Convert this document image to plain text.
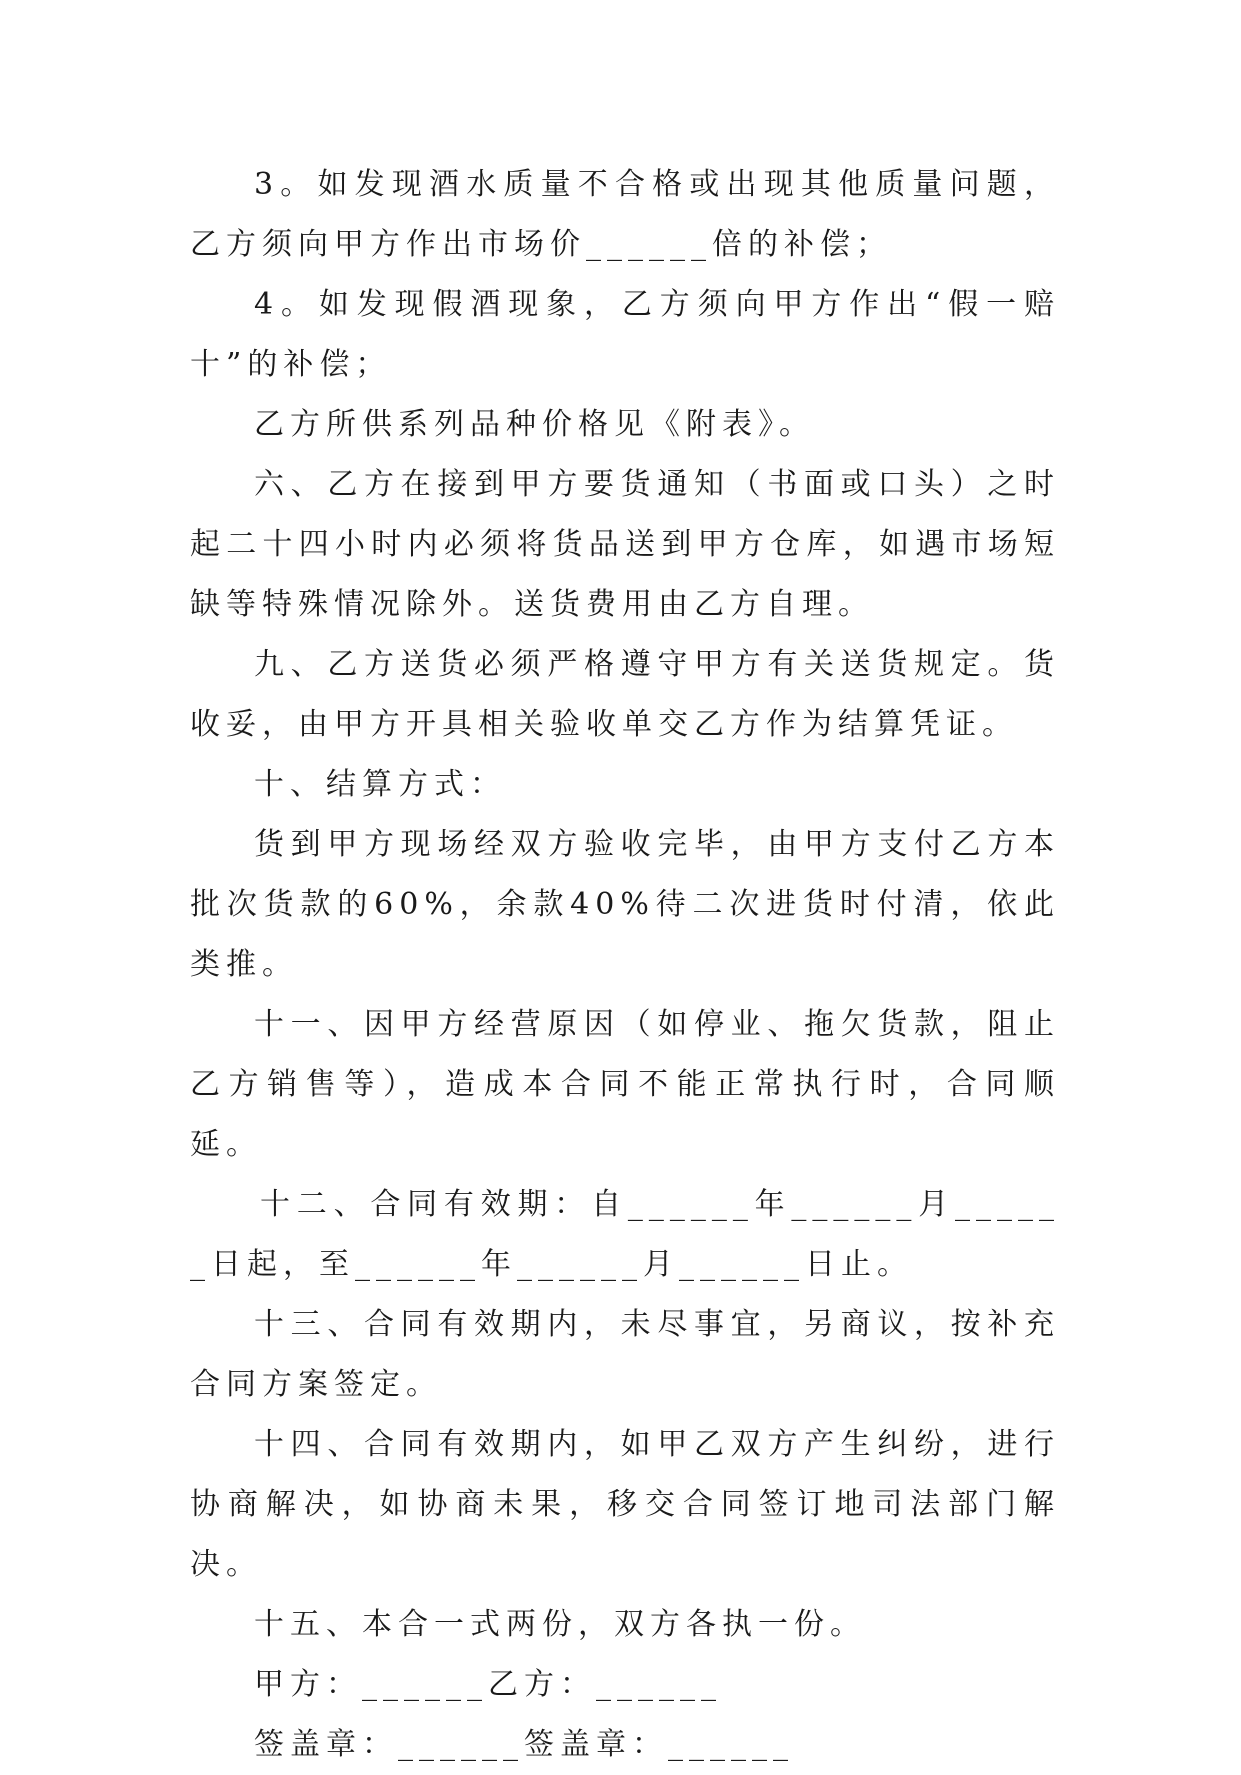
3。如发现酒水质量不合格或出现其他质量问题，乙方须向甲方作出市场价______倍的补偿；

4。如发现假酒现象，乙方须向甲方作出“假一赔十”的补偿；

乙方所供系列品种价格见《附表》。

六、乙方在接到甲方要货通知（书面或口头）之时起二十四小时内必须将货品送到甲方仓库，如遇市场短缺等特殊情况除外。送货费用由乙方自理。

九、乙方送货必须严格遵守甲方有关送货规定。货收妥，由甲方开具相关验收单交乙方作为结算凭证。

十、结算方式：

货到甲方现场经双方验收完毕，由甲方支付乙方本批次货款的60%，余款40%待二次进货时付清，依此类推。

十一、因甲方经营原因（如停业、拖欠货款，阻止乙方销售等），造成本合同不能正常执行时，合同顺延。

十二、合同有效期：自______年______月______日起，至______年______月______日止。

十三、合同有效期内，未尽事宜，另商议，按补充合同方案签定。

十四、合同有效期内，如甲乙双方产生纠纷，进行协商解决，如协商未果，移交合同签订地司法部门解决。

十五、本合一式两份，双方各执一份。

甲方：______乙方：______

签盖章：______签盖章：______
